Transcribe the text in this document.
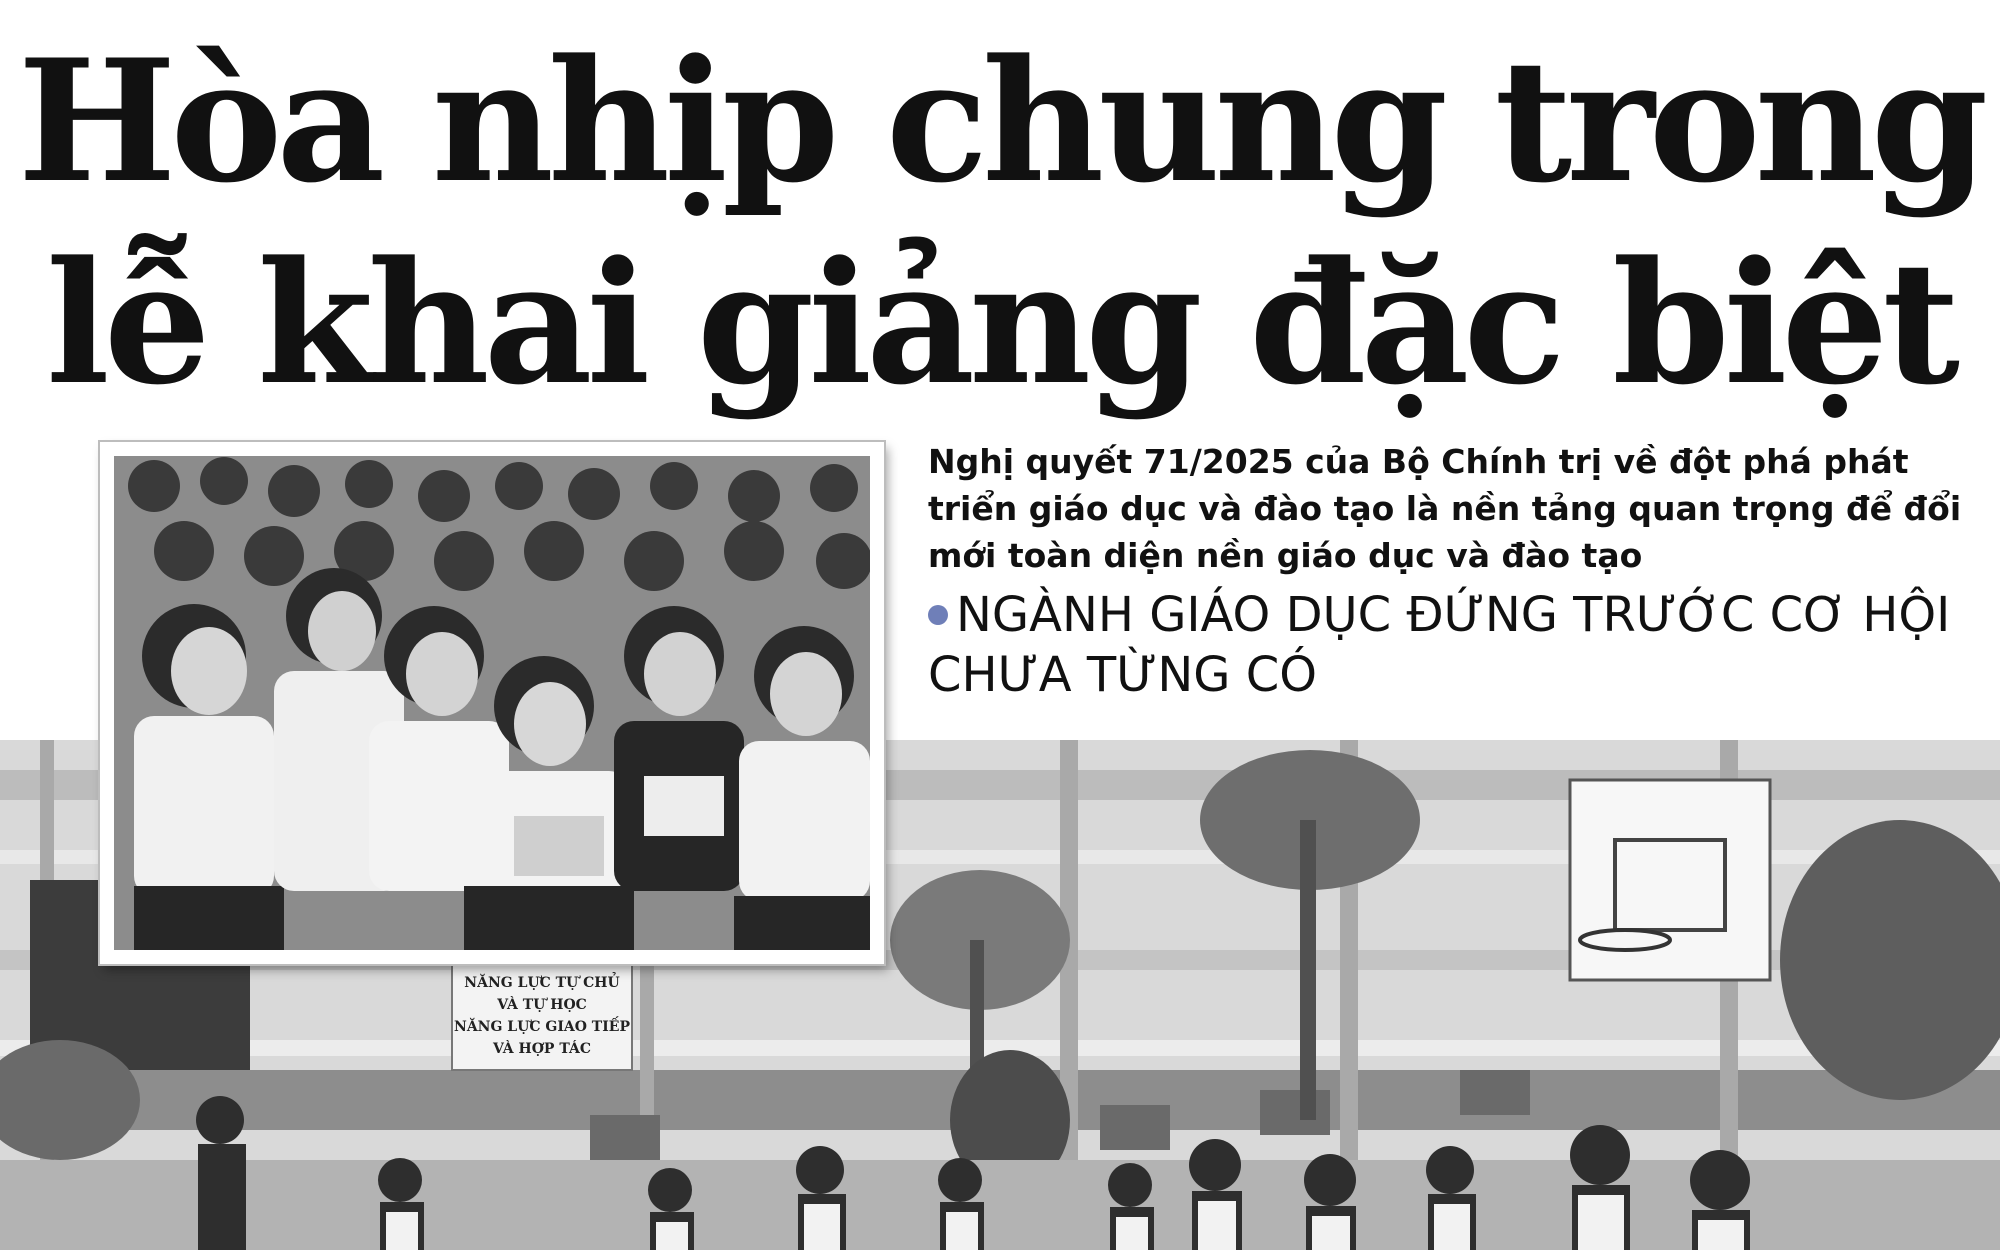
Hòa nhịp chung trong
lễ khai giảng đặc biệt
NĂNG LỰC TỰ CHỦ
VÀ TỰ HỌC
NĂNG LỰC GIAO TIẾP
VÀ HỢP TÁC

Nghị quyết 71/2025 của Bộ Chính trị về đột phá phát triển giáo dục và đào tạo là nền tảng quan trọng để đổi mới toàn diện nền giáo dục và đào tạo

NGÀNH GIÁO DỤC ĐỨNG TRƯỚC CƠ HỘI CHƯA TỪNG CÓ
